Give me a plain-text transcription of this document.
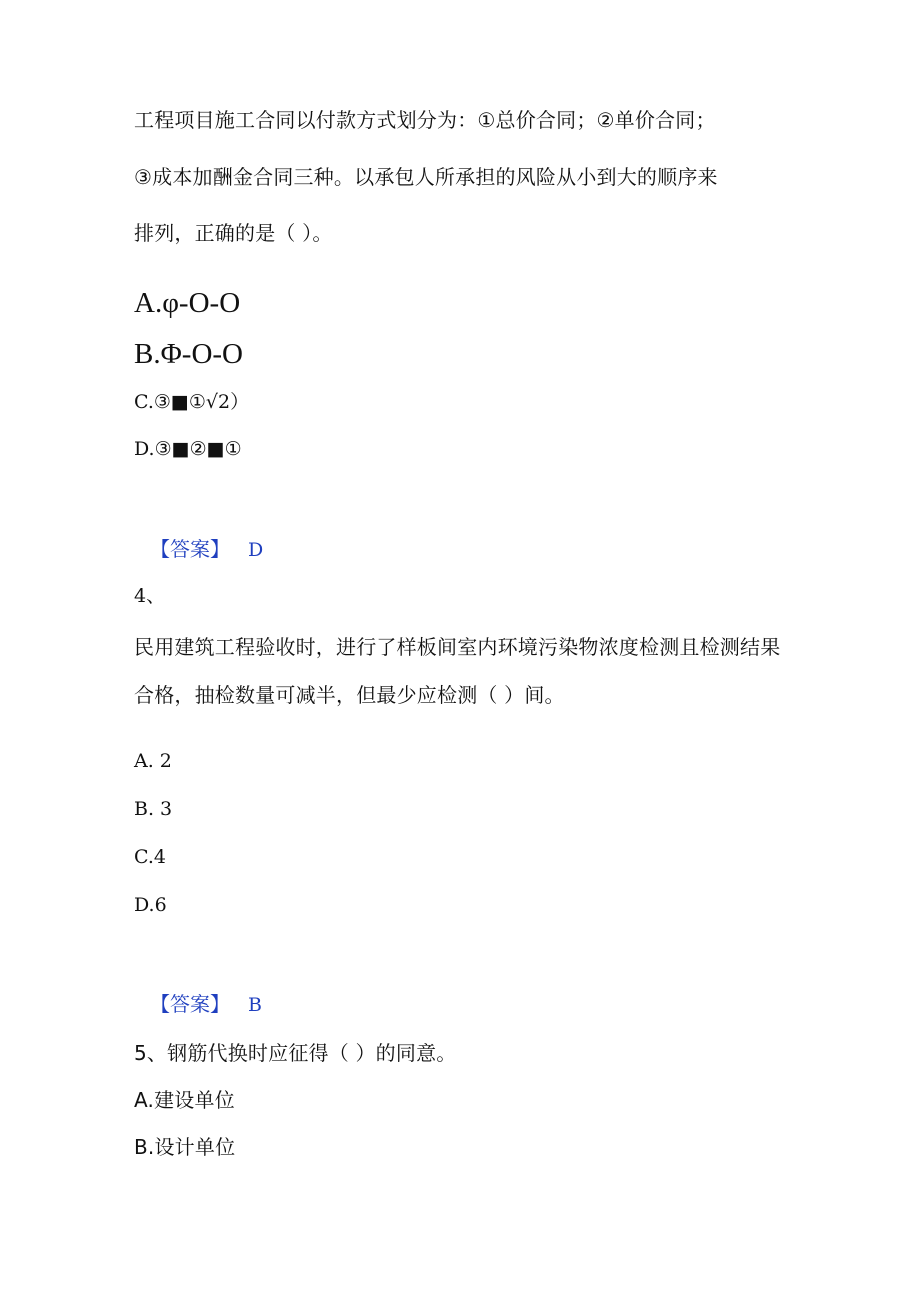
工程项目施工合同以付款方式划分为：①总价合同；②单价合同；
③成本加酬金合同三种。以承包人所承担的风险从小到大的顺序来
排列，正确的是（ ）。
A.φ-O-O
B.Φ-O-O
C.③■①√2）
D.③■②■①
【答案】 D
4、
民用建筑工程验收时，进行了样板间室内环境污染物浓度检测且检测结果
合格，抽检数量可减半，但最少应检测（ ）间。
A. 2
B. 3
C.4
D.6
【答案】 B
5、钢筋代换时应征得（ ）的同意。
A.建设单位
B.设计单位
